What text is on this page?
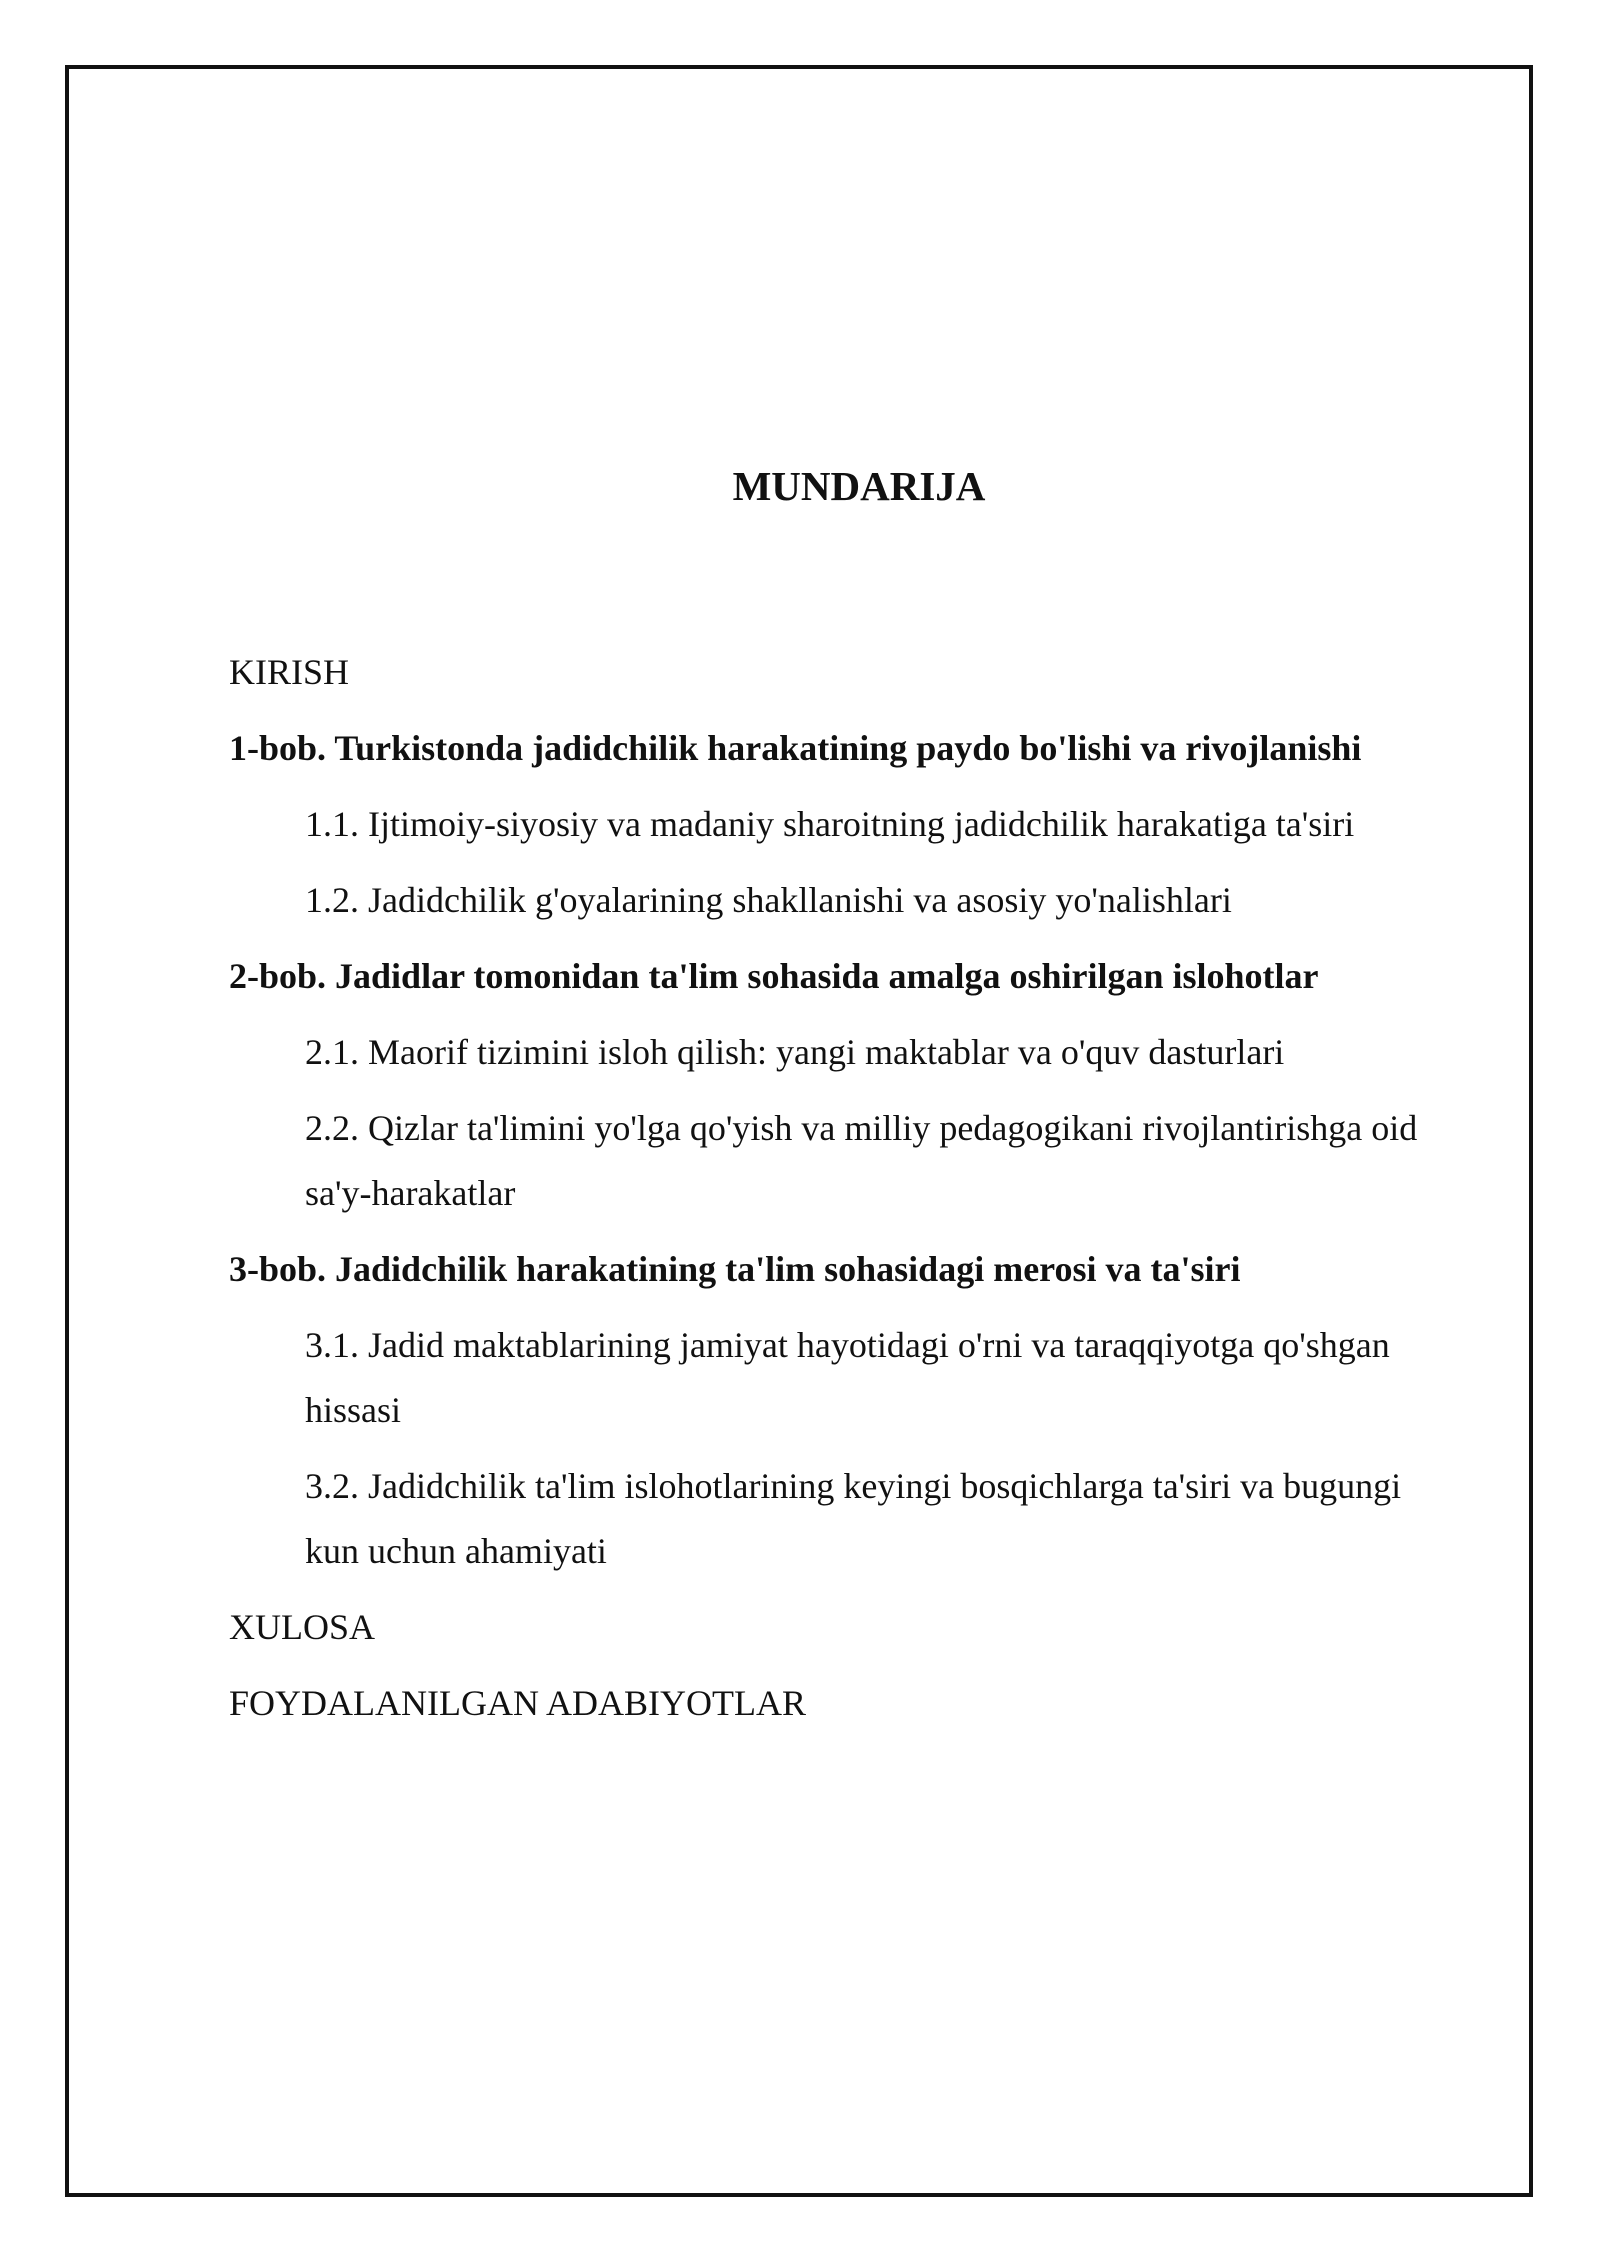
MUNDARIJA
KIRISH
1-bob. Turkistonda jadidchilik harakatining paydo bo'lishi va rivojlanishi
1.1. Ijtimoiy-siyosiy va madaniy sharoitning jadidchilik harakatiga ta'siri
1.2. Jadidchilik g'oyalarining shakllanishi va asosiy yo'nalishlari
2-bob. Jadidlar tomonidan ta'lim sohasida amalga oshirilgan islohotlar
2.1. Maorif tizimini isloh qilish: yangi maktablar va o'quv dasturlari
2.2. Qizlar ta'limini yo'lga qo'yish va milliy pedagogikani rivojlantirishga oid
sa'y-harakatlar
3-bob. Jadidchilik harakatining ta'lim sohasidagi merosi va ta'siri
3.1. Jadid maktablarining jamiyat hayotidagi o'rni va taraqqiyotga qo'shgan
hissasi
3.2. Jadidchilik ta'lim islohotlarining keyingi bosqichlarga ta'siri va bugungi
kun uchun ahamiyati
XULOSA
FOYDALANILGAN ADABIYOTLAR
